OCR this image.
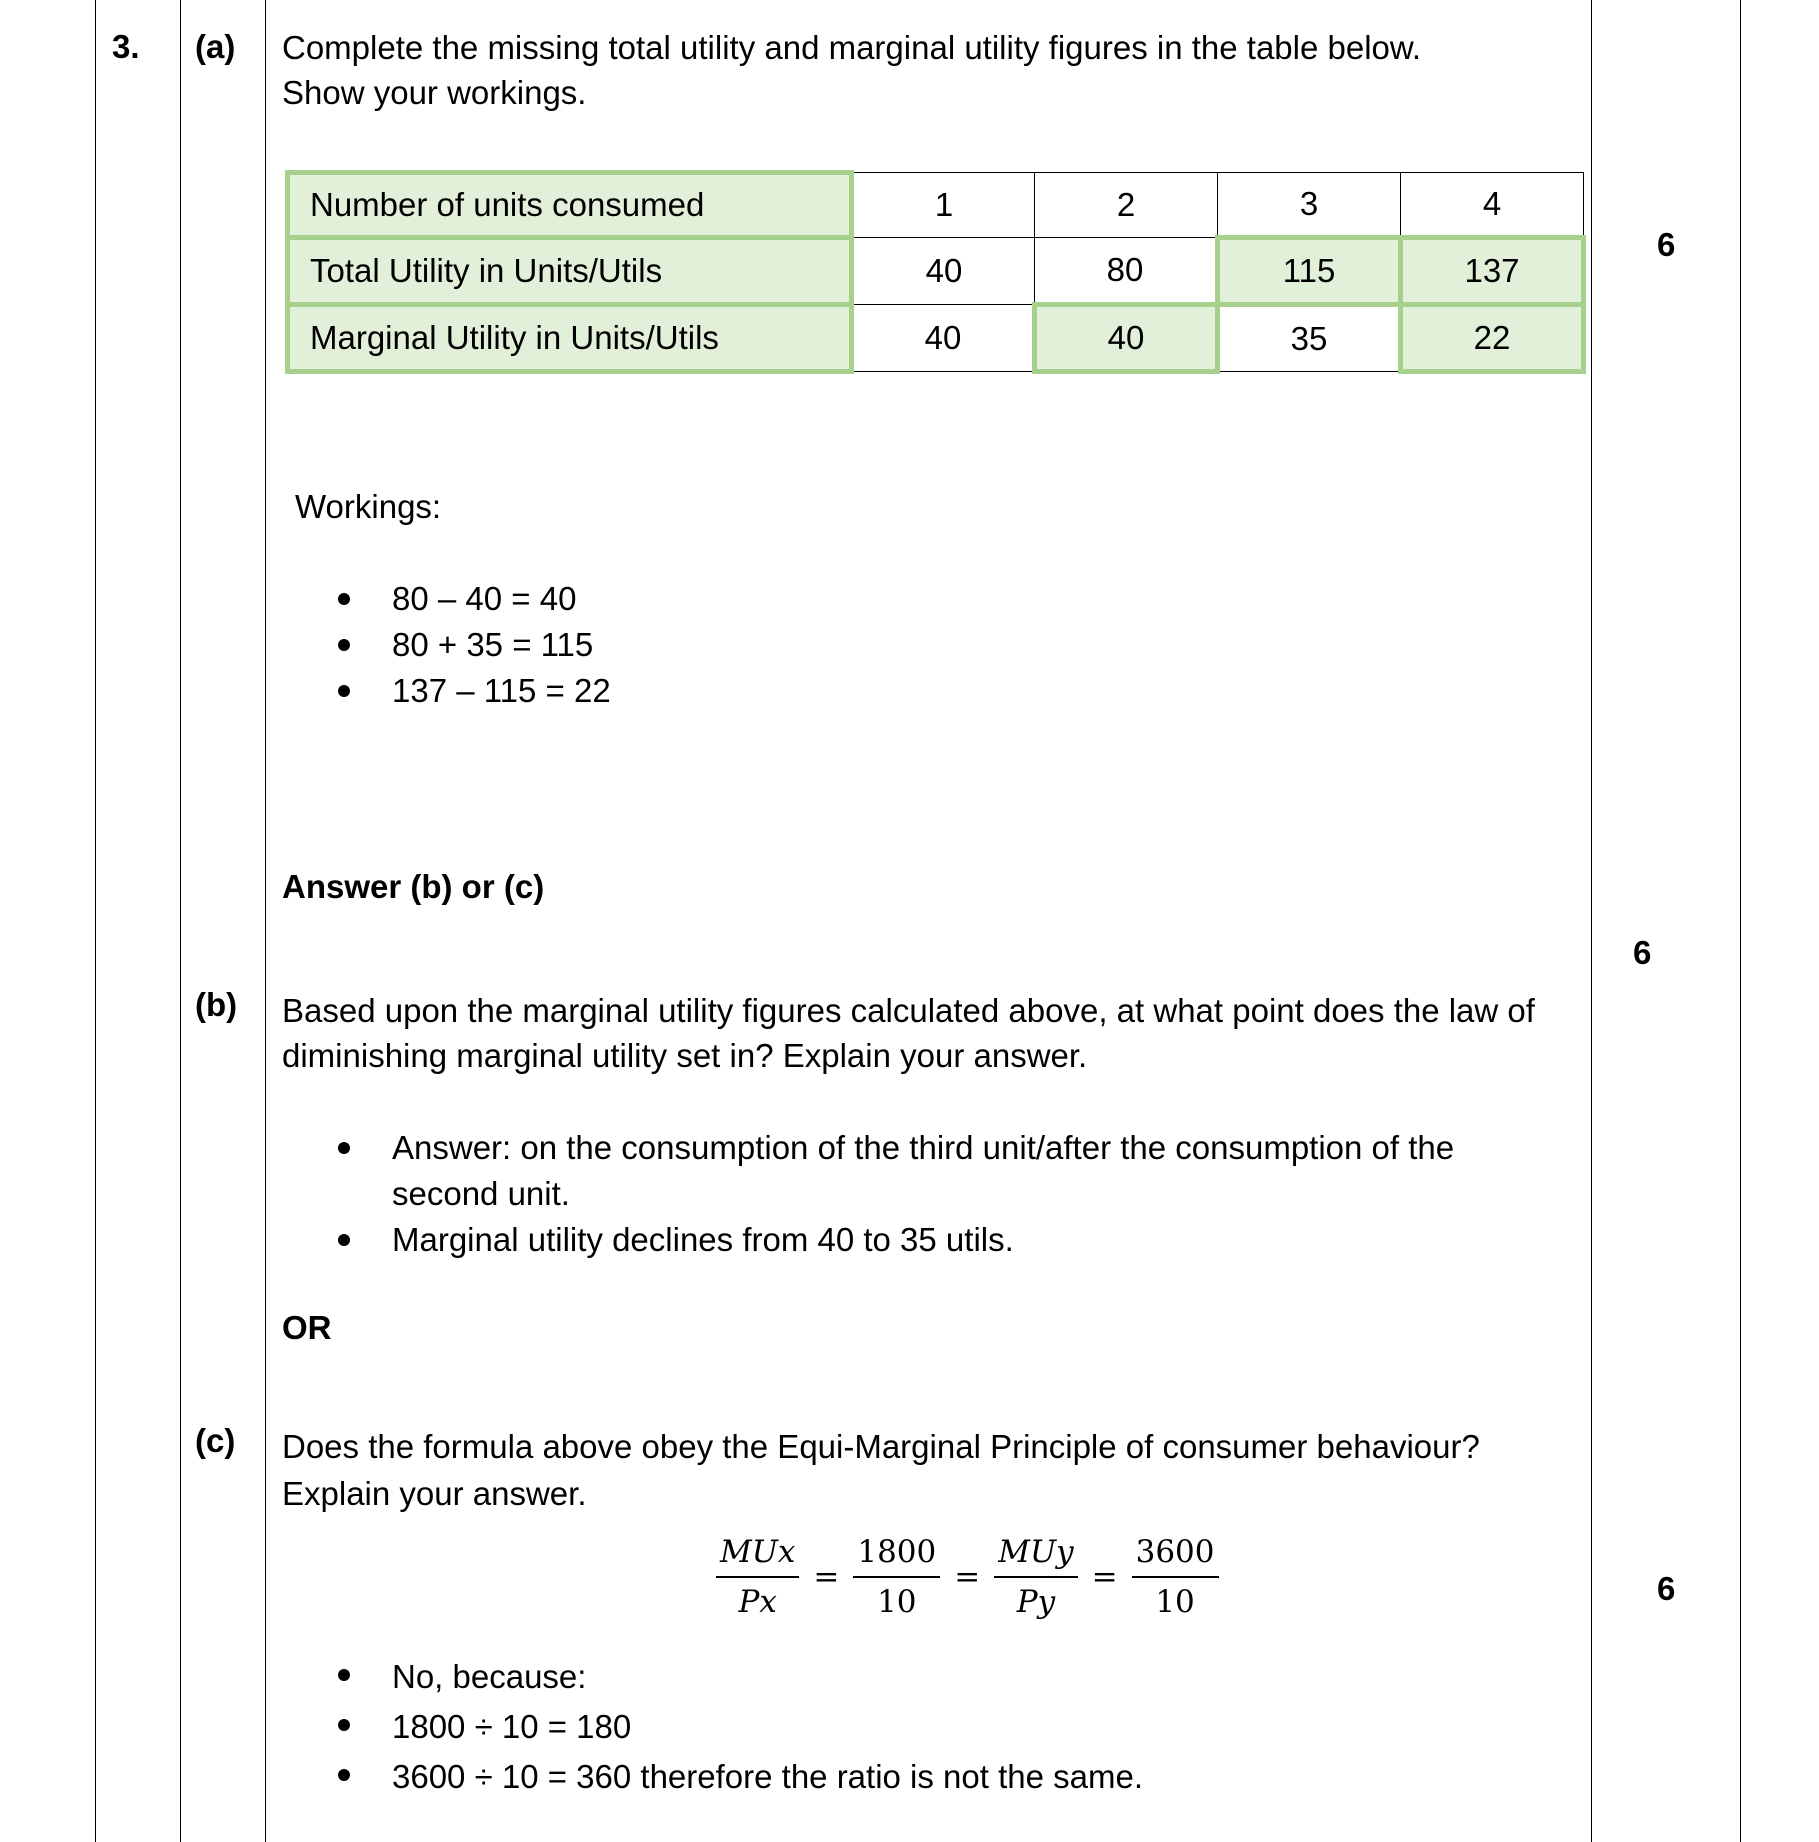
3. (a) Complete the missing total utility and marginal utility figures in the table below.
Show your workings.
6
Number of units consumed	1	2	3	4
Total Utility in Units/Utils	40	80	115	137
Marginal Utility in Units/Utils	40	40	35	22
Workings:
80 – 40 = 40
80 + 35 = 115
137 – 115 = 22
Answer (b) or (c)
6
(b) Based upon the marginal utility figures calculated above, at what point does the law of
diminishing marginal utility set in? Explain your answer.
Answer: on the consumption of the third unit/after the consumption of the
second unit.
Marginal utility declines from 40 to 35 utils.
OR
(c) Does the formula above obey the Equi-Marginal Principle of consumer behaviour?
Explain your answer.
$\frac{\text{MUx}}{Px} = \frac{1800}{10} = \frac{\text{MUy}}{Py} = \frac{3600}{10}$	6
No, because:
1800 ÷ 10 = 180
3600 ÷ 10 = 360 therefore the ratio is not the same.
